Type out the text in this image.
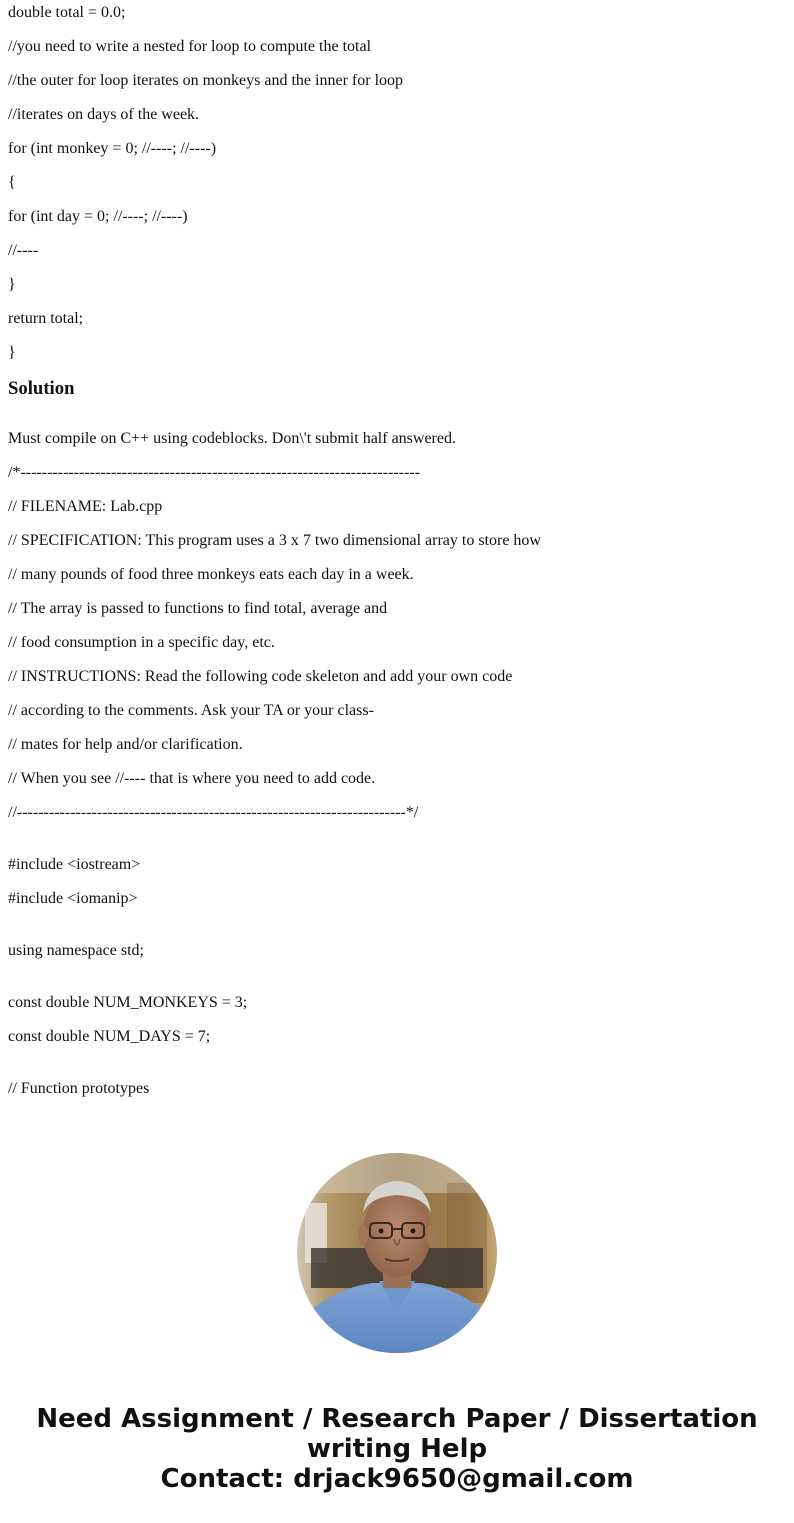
double total = 0.0;
//you need to write a nested for loop to compute the total
//the outer for loop iterates on monkeys and the inner for loop
//iterates on days of the week.
for (int monkey = 0; //----; //----)
{
for (int day = 0; //----; //----)
//----
}
return total;
}
Solution
Must compile on C++ using codeblocks. Don\'t submit half answered.
/*---------------------------------------------------------------------------
// FILENAME: Lab.cpp
// SPECIFICATION: This program uses a 3 x 7 two dimensional array to store how
// many pounds of food three monkeys eats each day in a week.
// The array is passed to functions to find total, average and
// food consumption in a specific day, etc.
// INSTRUCTIONS: Read the following code skeleton and add your own code
// according to the comments. Ask your TA or your class-
// mates for help and/or clarification.
// When you see //---- that is where you need to add code.
//-------------------------------------------------------------------------*/
#include <iostream>
#include <iomanip>
using namespace std;
const double NUM_MONKEYS = 3;
const double NUM_DAYS = 7;
// Function prototypes
Need Assignment / Research Paper / Dissertation
writing Help
Contact: drjack9650@gmail.com
